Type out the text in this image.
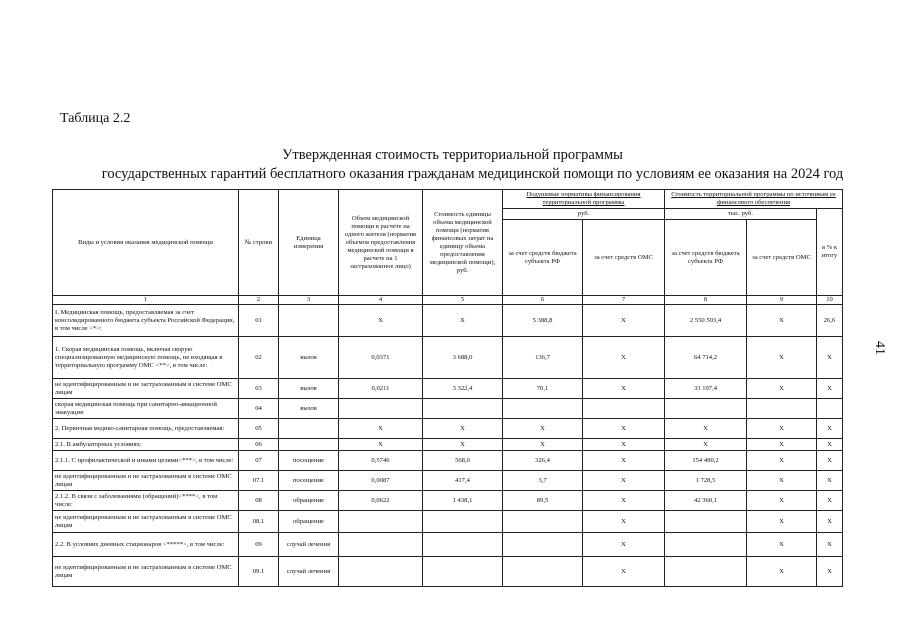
Таблица 2.2
Утвержденная стоимость территориальной программы
государственных гарантий бесплатного оказания гражданам медицинской помощи по условиям ее оказания на 2024 год
41
Виды и условия оказания медицинской помощи	№ строки	Единица измерения	Объем медицинской помощи в расчете на одного жителя (норматив объемов предоставления медицинской помощи в расчете на 1 застрахованное лицо)	Стоимость единицы объема медицинской помощи (норматив финансовых затрат на единицу объема предоставления медицинской помощи), руб.	Подушевые нормативы финансирования территориальной программы		Стоимость территориальной программы по источникам ее финансового обеспечения		
					руб.		тыс. руб.		в % к итогу
					за счет средств бюджета субъекта РФ	за счет средств ОМС	за счет средств бюджета субъекта РФ	за счет средств ОМС	
1	2	3	4	5	6	7	8	9	10
I. Медицинская помощь, предоставляемая за счет консолидированного бюджета субъекта Российской Федерации, в том числе <*>:	01		X	X	5 388,8	X	2 550 503,4	X	26,6
1. Скорая медицинская помощь, включая скорую специализированную медицинскую помощь, не входящая в территориальную программу ОМС <**>, в том числе:	02	вызов	0,0371	3 688,0	136,7	X	64 714,2	X	X
не идентифицированным и не застрахованным в системе ОМС лицам	03	вызов	0,0211	3 322,4	70,1	X	33 197,4	X	X
скорая медицинская помощь при санитарно-авиационной эвакуации	04	вызов							
2. Первичная медико-санитарная помощь, предоставляемая:	05		X	X	X	X	X	X	X
2.1. В амбулаторных условиях:	06		X	X	X	X	X	X	X
2.1.1. С профилактической и иными целями<***>, в том числе:	07	посещение	0,5746	568,0	326,4	X	154 490,2	X	X
не идентифицированным и не застрахованным в системе ОМС лицам	07.1	посещение	0,0087	417,4	3,7	X	1 728,5	X	X
2.1.2. В связи с заболеваниями (обращений)<****>, в том числе:	08	обращение	0,0622	1 438,1	89,5	X	42 360,1	X	X
не идентифицированным и не застрахованным в системе ОМС лицам	08.1	обращение				X		X	X
2.2. В условиях дневных стационаров <*****>, в том числе:	09	случай лечения				X		X	X
не идентифицированным и не застрахованным в системе ОМС лицам	09.1	случай лечения				X		X	X
